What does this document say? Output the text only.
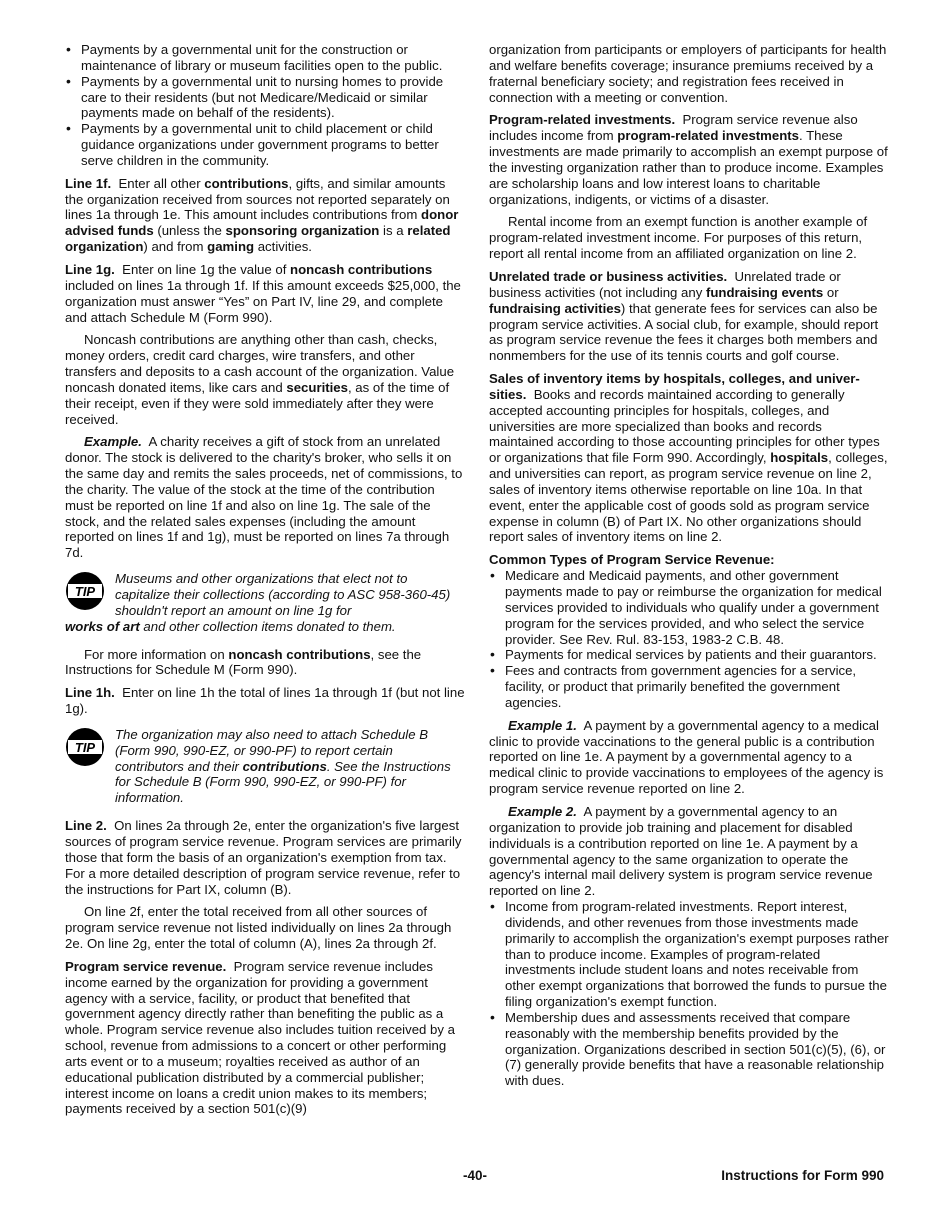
• Payments by a governmental unit for the construction or maintenance of library or museum facilities open to the public.
• Payments by a governmental unit to nursing homes to provide care to their residents (but not Medicare/Medicaid or similar payments made on behalf of the residents).
• Payments by a governmental unit to child placement or child guidance organizations under government programs to better serve children in the community.

Line 1f. Enter all other contributions, gifts, and similar amounts the organization received from sources not reported separately on lines 1a through 1e. This amount includes contributions from donor advised funds (unless the sponsoring organization is a related organization) and from gaming activities.

Line 1g. Enter on line 1g the value of noncash contributions included on lines 1a through 1f. If this amount exceeds $25,000, the organization must answer “Yes” on Part IV, line 29, and complete and attach Schedule M (Form 990).

Noncash contributions are anything other than cash, checks, money orders, credit card charges, wire transfers, and other transfers and deposits to a cash account of the organization. Value noncash donated items, like cars and securities, as of the time of their receipt, even if they were sold immediately after they were received.

Example. A charity receives a gift of stock from an unrelated donor. The stock is delivered to the charity's broker, who sells it on the same day and remits the sales proceeds, net of commissions, to the charity. The value of the stock at the time of the contribution must be reported on line 1f and also on line 1g. The sale of the stock, and the related sales expenses (including the amount reported on lines 1f and 1g), must be reported on lines 7a through 7d.

TIP
Museums and other organizations that elect not to capitalize their collections (according to ASC 958-360-45) shouldn't report an amount on line 1g for
works of art and other collection items donated to them.

For more information on noncash contributions, see the Instructions for Schedule M (Form 990).

Line 1h. Enter on line 1h the total of lines 1a through 1f (but not line 1g).

TIP
The organization may also need to attach Schedule B (Form 990, 990-EZ, or 990-PF) to report certain contributors and their contributions. See the Instructions for Schedule B (Form 990, 990-EZ, or 990-PF) for information.

Line 2. On lines 2a through 2e, enter the organization's five largest sources of program service revenue. Program services are primarily those that form the basis of an organization's exemption from tax. For a more detailed description of program service revenue, refer to the instructions for Part IX, column (B).

On line 2f, enter the total received from all other sources of program service revenue not listed individually on lines 2a through 2e. On line 2g, enter the total of column (A), lines 2a through 2f.

Program service revenue. Program service revenue includes income earned by the organization for providing a government agency with a service, facility, or product that benefited that government agency directly rather than benefiting the public as a whole. Program service revenue also includes tuition received by a school, revenue from admissions to a concert or other performing arts event or to a museum; royalties received as author of an educational publication distributed by a commercial publisher; interest income on loans a credit union makes to its members; payments received by a section 501(c)(9)

organization from participants or employers of participants for health and welfare benefits coverage; insurance premiums received by a fraternal beneficiary society; and registration fees received in connection with a meeting or convention.

Program-related investments. Program service revenue also includes income from program-related investments. These investments are made primarily to accomplish an exempt purpose of the investing organization rather than to produce income. Examples are scholarship loans and low interest loans to charitable organizations, indigents, or victims of a disaster.

Rental income from an exempt function is another example of program-related investment income. For purposes of this return, report all rental income from an affiliated organization on line 2.

Unrelated trade or business activities. Unrelated trade or business activities (not including any fundraising events or fundraising activities) that generate fees for services can also be program service activities. A social club, for example, should report as program service revenue the fees it charges both members and nonmembers for the use of its tennis courts and golf course.

Sales of inventory items by hospitals, colleges, and univer-
sities. Books and records maintained according to generally accepted accounting principles for hospitals, colleges, and universities are more specialized than books and records maintained according to those accounting principles for other types or organizations that file Form 990. Accordingly, hospitals, colleges, and universities can report, as program service revenue on line 2, sales of inventory items otherwise reportable on line 10a. In that event, enter the applicable cost of goods sold as program service expense in column (B) of Part IX. No other organizations should report sales of inventory items on line 2.

Common Types of Program Service Revenue:

• Medicare and Medicaid payments, and other government payments made to pay or reimburse the organization for medical services provided to individuals who qualify under a government program for the services provided, and who select the service provider. See Rev. Rul. 83-153, 1983-2 C.B. 48.
• Payments for medical services by patients and their guarantors.
• Fees and contracts from government agencies for a service, facility, or product that primarily benefited the government agencies.

Example 1. A payment by a governmental agency to a medical clinic to provide vaccinations to the general public is a contribution reported on line 1e. A payment by a governmental agency to a medical clinic to provide vaccinations to employees of the agency is program service revenue reported on line 2.

Example 2. A payment by a governmental agency to an organization to provide job training and placement for disabled individuals is a contribution reported on line 1e. A payment by a governmental agency to the same organization to operate the agency's internal mail delivery system is program service revenue reported on line 2.

• Income from program-related investments. Report interest, dividends, and other revenues from those investments made primarily to accomplish the organization's exempt purposes rather than to produce income. Examples of program-related investments include student loans and notes receivable from other exempt organizations that borrowed the funds to pursue the filing organization's exempt function.
• Membership dues and assessments received that compare reasonably with the membership benefits provided by the organization. Organizations described in section 501(c)(5), (6), or (7) generally provide benefits that have a reasonable relationship with dues.
-40-	Instructions for Form 990
